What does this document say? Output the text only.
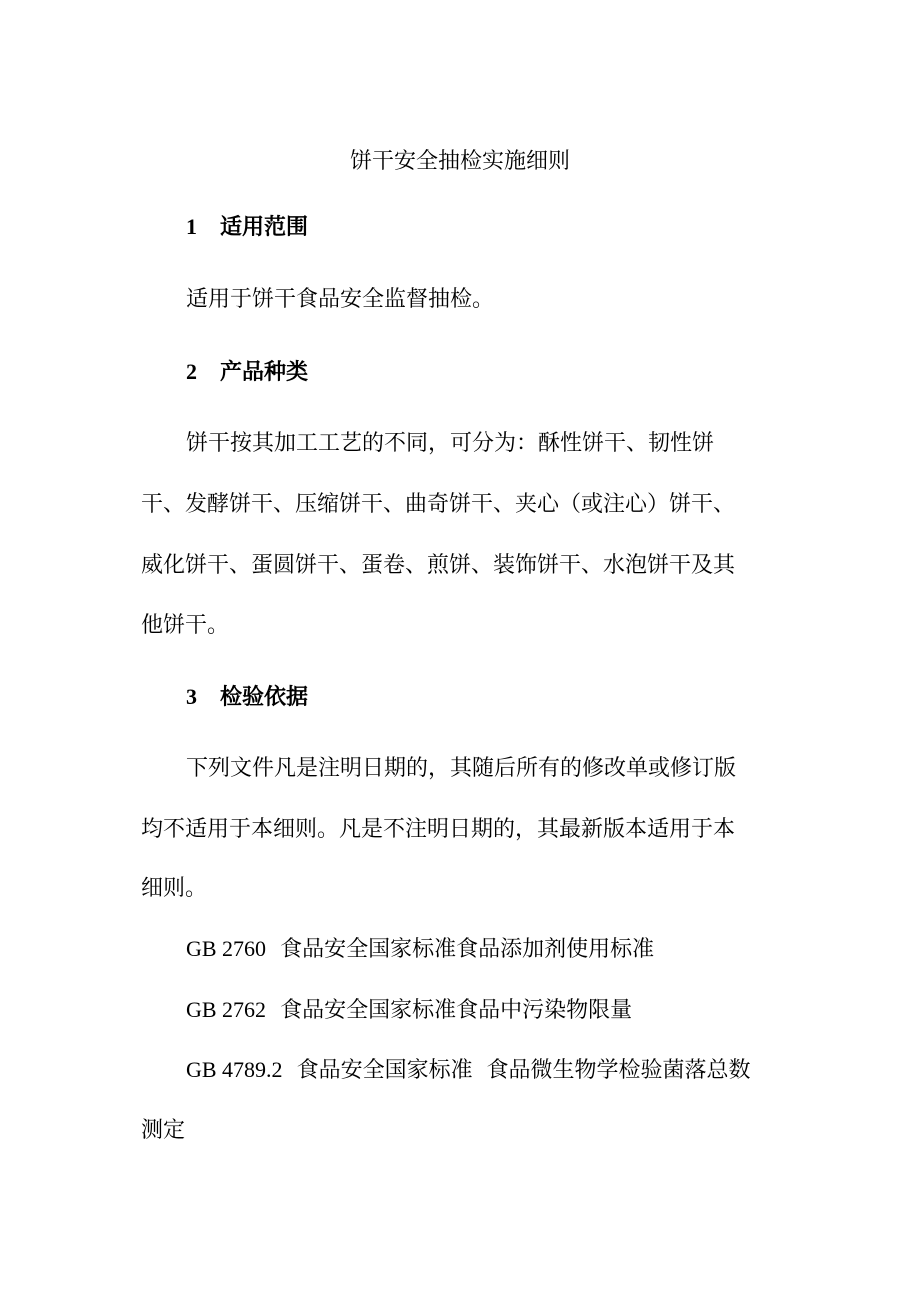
饼干安全抽检实施细则
1 适用范围
适用于饼干食品安全监督抽检。
2 产品种类
饼干按其加工工艺的不同，可分为：酥性饼干、韧性饼
干、发酵饼干、压缩饼干、曲奇饼干、夹心（或注心）饼干、
威化饼干、蛋圆饼干、蛋卷、煎饼、装饰饼干、水泡饼干及其
他饼干。
3 检验依据
下列文件凡是注明日期的，其随后所有的修改单或修订版
均不适用于本细则。凡是不注明日期的，其最新版本适用于本
细则。
GB 2760 食品安全国家标准食品添加剂使用标准
GB 2762 食品安全国家标准食品中污染物限量
GB 4789.2 食品安全国家标准  食品微生物学检验菌落总数
测定
